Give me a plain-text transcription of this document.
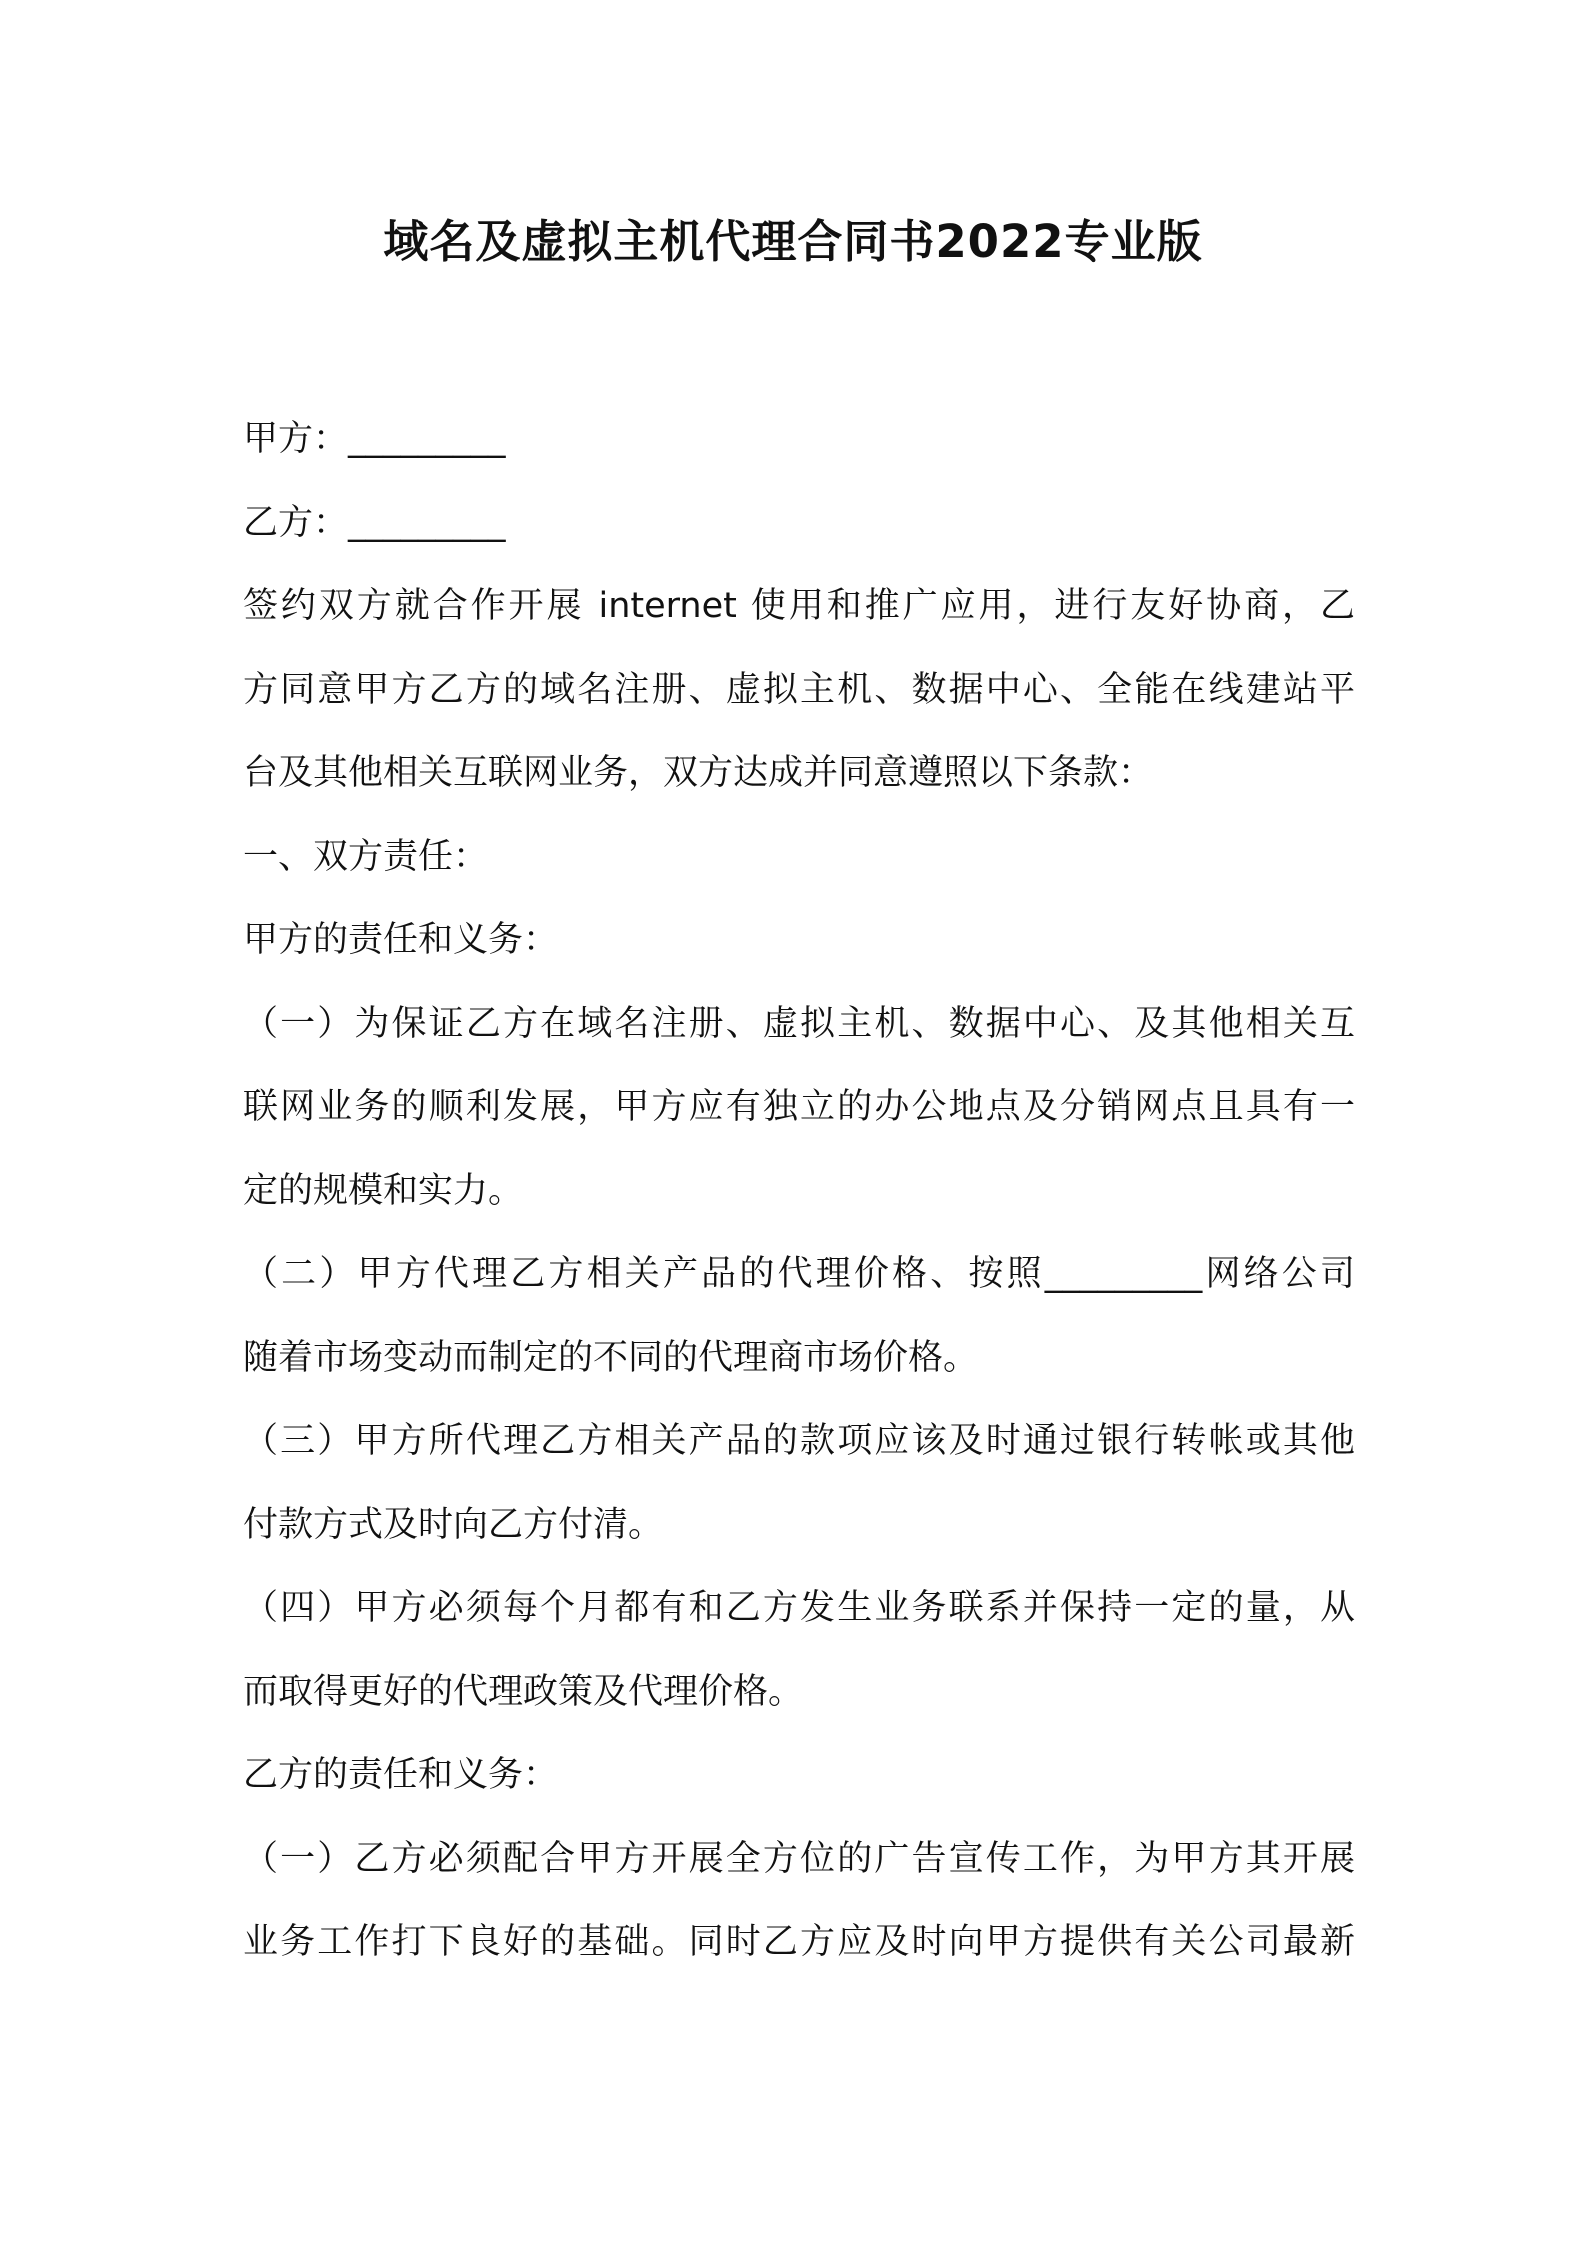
域名及虚拟主机代理合同书2022专业版
甲方：_________
乙方：_________
签约双方就合作开展 internet 使用和推广应用，进行友好协商，乙
方同意甲方乙方的域名注册、虚拟主机、数据中心、全能在线建站平
台及其他相关互联网业务，双方达成并同意遵照以下条款：
一、双方责任：
甲方的责任和义务：
（一）为保证乙方在域名注册、虚拟主机、数据中心、及其他相关互
联网业务的顺利发展，甲方应有独立的办公地点及分销网点且具有一
定的规模和实力。
（二）甲方代理乙方相关产品的代理价格、按照_________网络公司
随着市场变动而制定的不同的代理商市场价格。
（三）甲方所代理乙方相关产品的款项应该及时通过银行转帐或其他
付款方式及时向乙方付清。
（四）甲方必须每个月都有和乙方发生业务联系并保持一定的量，从
而取得更好的代理政策及代理价格。
乙方的责任和义务：
（一）乙方必须配合甲方开展全方位的广告宣传工作，为甲方其开展
业务工作打下良好的基础。同时乙方应及时向甲方提供有关公司最新
